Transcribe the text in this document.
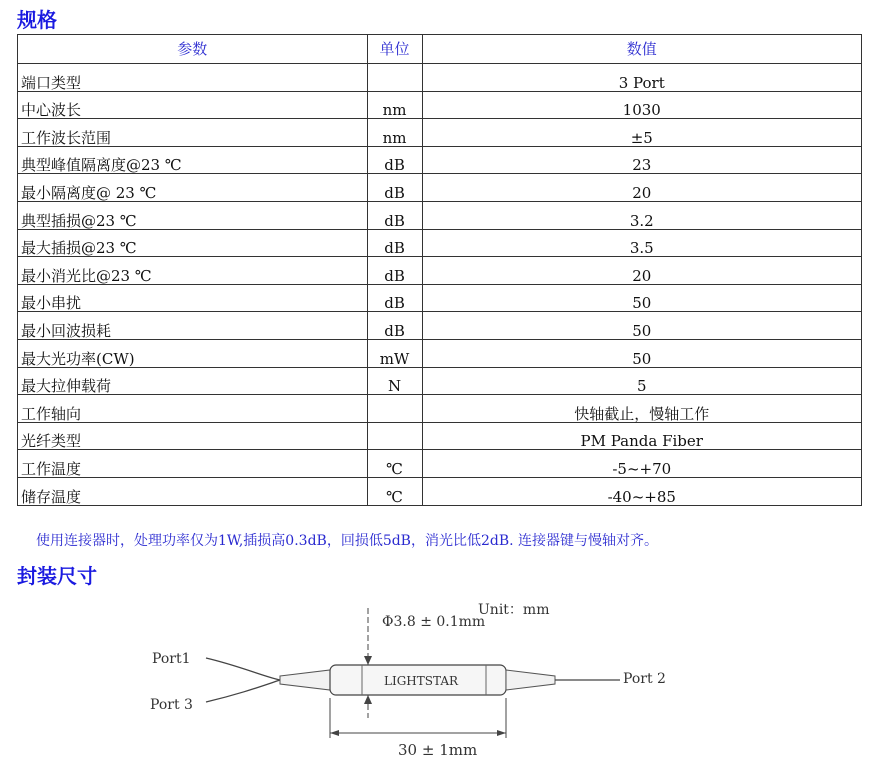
规格
参数	单位	数值
端口类型		3 Port
中心波长	nm	1030
工作波长范围	nm	±5
典型峰值隔离度@23 ℃	dB	23
最小隔离度@ 23 ℃	dB	20
典型插损@23 ℃	dB	3.2
最大插损@23 ℃	dB	3.5
最小消光比@23 ℃	dB	20
最小串扰	dB	50
最小回波损耗	dB	50
最大光功率(CW)	mW	50
最大拉伸载荷	N	5
工作轴向		快轴截止，慢轴工作
光纤类型		PM Panda Fiber
工作温度	℃	-5~+70
储存温度	℃	-40~+85

使用连接器时，处理功率仅为1W,插损高0.3dB，回损低5dB，消光比低2dB. 连接器键与慢轴对齐。

封装尺寸
Unit：mm
Φ3.8 ± 0.1mm
LIGHTSTAR
Port1
Port 3
Port 2
30 ± 1mm
